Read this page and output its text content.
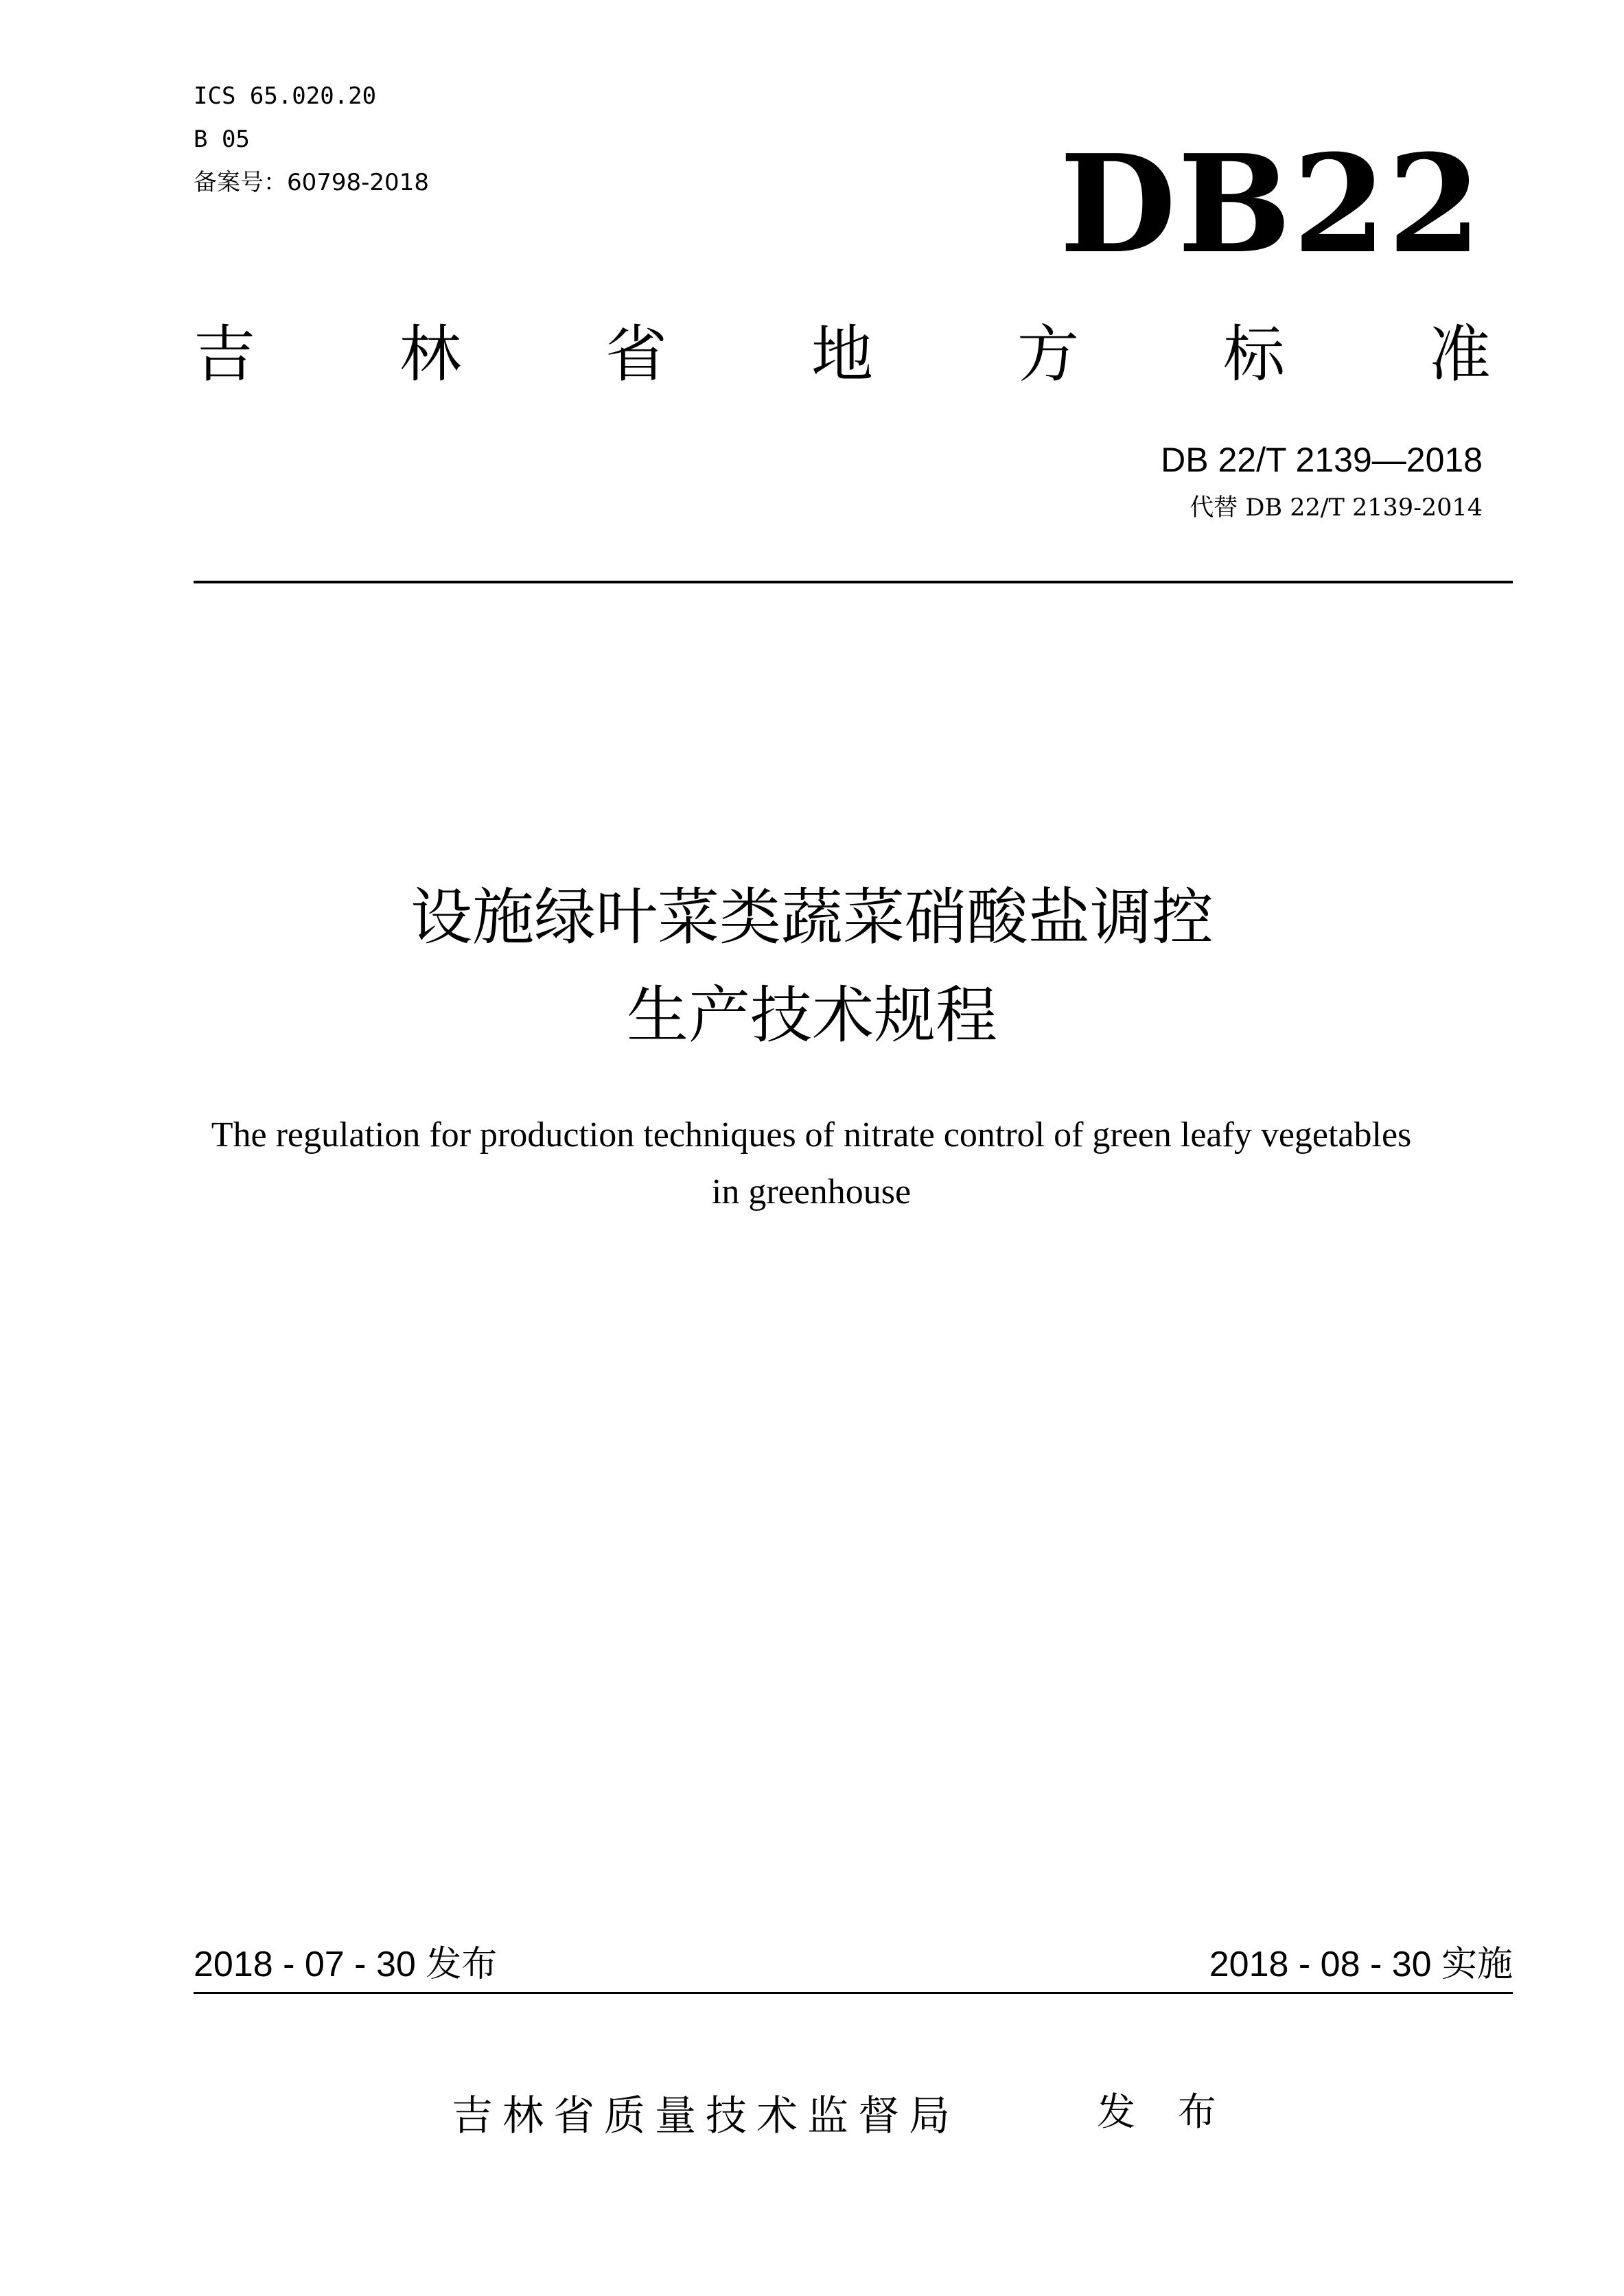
ICS 65.020.20
B 05
备案号：60798-2018	DB22
吉 林 省 地 方 标 准
DB 22/T 2139—2018
代替 DB 22/T 2139-2014
设施绿叶菜类蔬菜硝酸盐调控
生产技术规程
The regulation for production techniques of nitrate control of green leafy vegetables
in greenhouse
2018 - 07 - 30 发布	2018 - 08 - 30 实施
吉林省质量技术监督局	发 布
